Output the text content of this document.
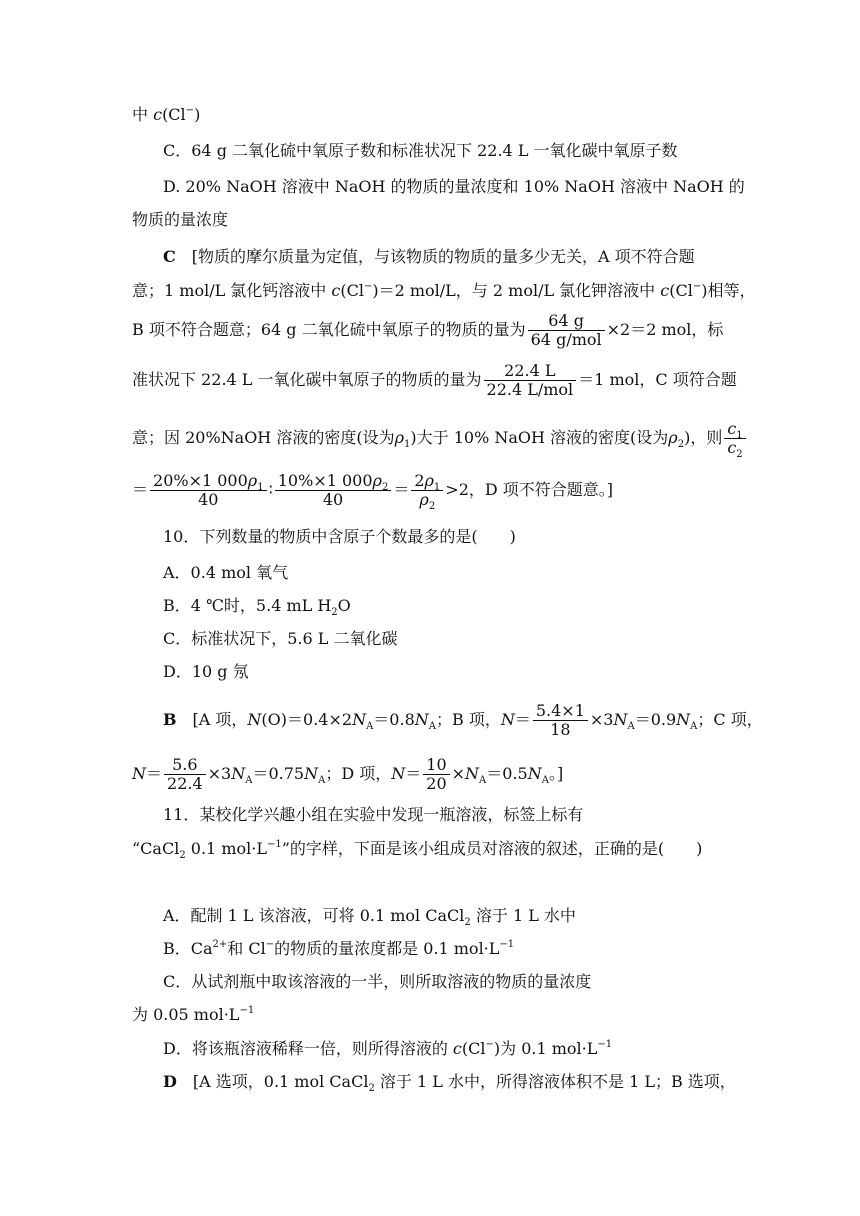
中 c(Cl−)
C．64 g 二氧化硫中氧原子数和标准状况下 22.4 L 一氧化碳中氧原子数
D. 20% NaOH 溶液中 NaOH 的物质的量浓度和 10% NaOH 溶液中 NaOH 的
物质的量浓度
C　[物质的摩尔质量为定值，与该物质的物质的量多少无关，A 项不符合题
意；1 mol/L 氯化钙溶液中 c(Cl−)＝2 mol/L，与 2 mol/L 氯化钾溶液中 c(Cl−)相等，
B 项不符合题意；64 g 二氧化硫中氧原子的物质的量为 $\frac{64 g}{\text{64 g/mol}} \times 2=2$ mol，标
准状况下 22.4 L 一氧化碳中氧原子的物质的量为 $\frac{22.4 L}{\text{22.4 L/mol}} =1$ mol，C 项符合题
意；因 20%NaOH 溶液的密度(设为$\rho_1$)大于 10% NaOH 溶液的密度(设为$\rho_2$)，则 $\frac{c_1}{c_2}$
＝ $\frac{20\%\times 1 000\rho_1}{40}$ ∶ $\frac{10\%\times 1 000\rho_2}{40} = \frac{2\rho_1}{\rho_2} >2$，D 项不符合题意。]
10．下列数量的物质中含原子个数最多的是(　　)
A．0.4 mol 氧气
B．4 ℃时，5.4 mL $H_2O$
C．标准状况下，5.6 L 二氧化碳
D．10 g 氖
B　[A 项，$N(O)=0.4\times 2N_A=0.8N_A$；B 项，$N= \frac{5.4\times 1}{18} \times 3N_A=0.9N_A$；C 项，
$N= \frac{5.6}{22.4} \times 3N_A=0.75N_A$；D 项，$N= \frac{10}{20} \times N_A=0.5N_A$。]
11．某校化学兴趣小组在实验中发现一瓶溶液，标签上标有
“CaCl$_2$ 0.1 $mol\cdot L^{-1}$”的字样，下面是该小组成员对溶液的叙述，正确的是(　　)
A．配制 1 L 该溶液，可将 0.1 mol CaCl$_2$ 溶于 1 L 水中
B．$Ca^{2+}$和 Cl−的物质的量浓度都是 0.1 $mol\cdot L^{-1}$
C．从试剂瓶中取该溶液的一半，则所取溶液的物质的量浓度
为 0.05 $mol\cdot L^{-1}$
D．将该瓶溶液稀释一倍，则所得溶液的 c(Cl−)为 0.1 $mol\cdot L^{-1}$
D　[A 选项，0.1 mol CaCl$_2$ 溶于 1 L 水中，所得溶液体积不是 1 L；B 选项，
